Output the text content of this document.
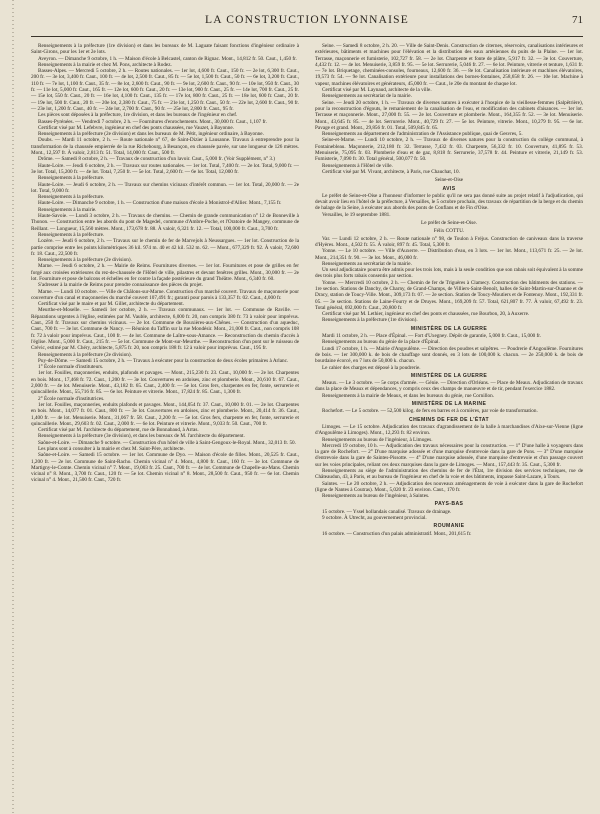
LA CONSTRUCTION LYONNAISE	71

Renseignements à la préfecture (1re division) et dans les bureaux de M. Laguate faisant fonctions d'ingénieur ordinaire à Saint-Girons, pour les 1er et 2e lots.

Aveyron. — Dimanche 9 octobre, 1 h. — Maison d'école à Belcastel, canton de Rignac. Mont., 14,812 fr. 50. Caut., 1,450 fr.

Renseignements à la mairie et chez M. Pons, architecte à Rodez.

Basses-Alpes. — Mercredi 5 octobre, 2 h. — Routes nationales. — 1er lot, 4,600 fr. Caut., 150 fr. — 2e lot, 6,300 fr. Caut., 200 fr. — 3e lot, 3,400 fr. Caut., 100 fr. — 4e lot, 2,500 fr. Caut., 85 fr. — 5e lot, 1,500 fr. Caut., 50 fr. — 6e lot, 3,200 fr. Caut., 110 fr. — 7e lot, 1,100 fr. Caut., 35 fr. — 8e lot, 2,600 fr. Caut., 90 fr. — 9e lot, 2,600 fr. Caut., 90 fr. — 10e lot, 950 fr. Caut., 30 fr. — 11e lot, 5,000 fr. Caut., 165 fr. — 12e lot, 600 fr. Caut., 20 fr. — 13e lot, 900 fr. Caut., 25 fr. — 14e lot, 700 fr. Caut., 25 fr. — 15e lot, 550 fr. Caut., 20 fr. — 16e lot, 4,100 fr. Caut., 135 fr. — 17e lot, 800 fr. Caut., 25 fr. — 18e lot, 600 fr. Caut., 20 fr. — 19e lot, 500 fr. Caut., 20 fr. — 20e lot, 2,380 fr. Caut., 75 fr. — 21e lot, 1,250 fr. Caut., 50 fr. — 22e lot, 2,600 fr. Caut., 90 fr. — 23e lot, 1,200 fr. Caut., 40 fr. — 24e lot, 2,700 fr. Caut., 90 fr. — 25e lot, 2,800 fr. Caut., 95 fr.

Les pièces sont déposées à la préfecture, 1re division, et dans les bureaux de l'ingénieur en chef.

Basses-Pyrénées. — Vendredi 7 octobre, 2 h. — Fournitures d'enrochements. Mont., 30,000 fr. Caut., 1,107 fr.

Certificat visé par M. Lefebvre, ingénieur en chef des ponts chaussées, rue Vauzet, à Bayonne.

Renseignements à la préfecture (2e division) et dans les bureaux de M. Pétit, ingénieur ordinaire, à Bayonne.

Doubs. — Mardi 11 octobre, 2 h. — Route nationale n° 67, de Saint-Dizier à Lausanne. Travaux à entreprendre pour la transformation de la chaussée empierrée de la rue Richebourg, à Besançon, en chaussée pavée, sur une longueur de 126 mètres. Mont., 12,597 fr. À valoir, 2,813 fr. 51. Total, 14,000 fr. Caut., 500 fr.

Drôme. — Samedi 8 octobre, 2 h. — Travaux de construction d'un lavoir. Caut., 5,000 fr. (Voir Supplément, n° 3.)

Haute-Loire. — Jeudi 6 octobre, 2 h. — Travaux sur routes nationales. — 1er lot. Total, 7,400 fr. — 2e lot. Total, 9,000 fr. — 3e lot. Total, 15,200 fr. — 4e lot. Total, 7,250 fr. — 5e lot. Total, 2,600 fr. — 6e lot. Total, 12,000 fr.

Renseignements à la préfecture.

Haute-Loire. — Jeudi 6 octobre, 2 h. — Travaux sur chemins vicinaux d'intérêt commun. — 1er lot. Total, 20,000 fr. — 2e lot. Total, 9,000 fr.

Renseignements à la préfecture.

Haute-Loire. — Dimanche 9 octobre, 1 h. — Construction d'une maison d'école à Monistrol-d'Allier. Mont., 7,155 fr.

Renseignements à la mairie.

Haute-Savoie. — Lundi 3 octobre, 2 h. — Travaux de chemins. — Chemin de grande communication n° 12 de Bonneville à Thonon. — Construction entre les abords du pont de Magedel, commune d'Ambre-Poche, et l'Oratoire de Mangey, commune de Reillant. — Longueur, 15,560 mètres. Mont., 173,678 fr. 88. À valoir, 6,321 fr. 12. — Total, 100,000 fr. Caut., 3,700 fr.

Renseignements à la préfecture.

Lozère. — Jeudi 6 octobre, 2 h. — Travaux sur le chemin de fer de Marvejols à Neussargues. — 1er lot. Construction de la partie comprise entre les points kilométriques 36 kil. 974 m. 40 et 42 kil. 532 m. 62. — Mont., 677,329 fr. 92. À valoir, 72,600 fr. 18. Caut., 22,500 fr.

Renseignements à la préfecture (2e division).

Marne. — Jeudi 6 octobre, 2 h. — Mairie de Reims. Fournitures diverses. — 1er lot. Fournitures et pose de grilles en fer forgé aux croisées extérieures du rez-de-chaussée de l'Hôtel de ville, pilastres et devant fenêtres grilles. Mont., 30,000 fr. — 2e lot. Fourniture et pose de balcons et échelles en fer contre la façade postérieure du grand Théâtre. Mont., 6,340 fr. 60.

S'adresser à la mairie de Reims pour prendre connaissance des pièces du projet.

Marne. — Lundi 10 octobre. — Ville de Châlons-sur-Marne. Construction d'un marché couvert. Travaux de maçonnerie pour couverture d'un canal et maçonneries du marché couvert 107,491 fr.; garanti pour parois à 133,357 fr. 02. Caut., 4,000 fr.

Certificat visé par le maire et par M. Gillet, architecte du département.

Meurthe-et-Moselle. — Samedi 1er octobre, 2 h. — Travaux communaux. — 1er lot. — Commune de Raville. — Réparations urgentes à l'église, estimées par M. Vauble, architecte, 6,000 fr. 20, non compris 380 fr. 73 à valoir pour imprévus. Caut., 250 fr. Travaux sur chemins vicinaux. — 2e lot. Commune de Bouxières-aux-Chênes. — Construction d'un aqueduc, Caut., 700 fr. — 3e lot. Commune de Nancy. — Réunion du Taffin sur la rue Mondésir. Mont., 21,000 fr. Caut., non compris 108 fr. 72 à valoir pour imprévus. Caut., 100 fr. — 4e lot. Commune de Laître-sous-Amance. — Reconstruction du chemin d'accès à l'église. Mont., 5,000 fr. Caut., 215 fr. — 5e lot. Commune de Mont-sur-Meurthe. — Reconstruction d'un pont sur le ruisseau de Crévic, estimé par M. Chéry, architecte, 5,875 fr. 20, non compris 188 fr. 12 à valoir pour imprévus. Caut., 195 fr.

Renseignements à la préfecture (2e division).

Puy-de-Dôme. — Samedi 15 octobre, 2 h. — Travaux à exécuter pour la construction de deux écoles primaires à Arlanc.

1° École normale d'instituteurs.

1er lot. Fouilles, maçonneries, enduits, plafonds et pavages. — Mont., 215,230 fr. 23. Caut., 10,000 fr. — 2e lot. Charpentes en bois. Mont., 17,468 fr. 72. Caut., 1,200 fr. — 3e lot. Couvertures en ardoises, zinc et plomberie. Mont., 20,610 fr. 67. Caut., 2,000 fr. — 4e lot. Menuiserie. Mont., 43,182 fr. 65. Caut., 2,400 fr. — 5e lot. Gros fers, charpentes en fer, fonte, serrurerie et quincaillerie. Mont., 55,716 fr. 85. — 6e lot. Peinture et vitrerie. Mont., 17,824 fr. 85. Caut., 1,300 fr.

2° École normale d'institutrices.

1er lot. Fouilles, maçonneries, enduits plafonds et pavages. Mont., 144,054 fr. 37. Caut., 10,000 fr. 01. — 2e lot. Charpentes en bois. Mont., 14,077 fr. 01. Caut., 800 fr. — 3e lot. Couvertures en ardoises, zinc et plomberie. Mont., 20,414 fr. 36. Caut., 1,400 fr. — 4e lot. Menuiserie. Mont., 31,067 fr. 58. Caut., 2,200 fr. — 5e lot. Gros fers, charpente en fer, fonte, serrurerie et quincaillerie. Mont., 29,603 fr. 02. Caut., 2,000 fr. — 6e lot. Peinture et vitrerie. Mont., 9,033 fr. 50. Caut., 700 fr.

Certificat visé par M. l'architecte du département, rue de Bonnabaud, à Arras.

Renseignements à la préfecture (3e division), et dans les bureaux de M. l'architecte du département.

Saône-et-Loire. — Dimanche 9 octobre. — Construction d'un hôtel de ville à Saint-Gengoux-le-Royal. Mont., 32,013 fr. 50.

Les plans sont à consulter à la mairie et chez M. Saint-Père, architecte.

Saône-et-Loire. — Samedi 15 octobre. — 1er lot. Commune de Dyo. — Maison d'école de filles. Mont., 20,525 fr. Caut., 1,200 fr. — 2e lot. Commune de Saint-Racho. Chemin vicinal n° 4. Mont., 4,800 fr. Caut., 160 fr. — 3e lot. Commune de Martigny-le-Comte. Chemin vicinal n° 7. Mont., 19,003 fr. 25. Caut., 700 fr. — 4e lot. Commune de Chapelle-au-Mans. Chemin vicinal n° 8. Mont., 3,700 fr. Caut., 120 fr. — 5e lot. Chemin vicinal n° 8. Mont., 28,500 fr. Caut., 950 fr. — 6e lot. Chemin vicinal n° 4. Mont., 21,500 fr. Caut., 720 fr.

Seine. — Samedi 8 octobre, 2 h. 20. — Ville de Saint-Denis. Construction de citernes, réservoirs, canalisations intérieures et extérieures, bâtiments et machines pour l'élévation et la distribution des eaux artésiennes du puits de la Plaine. — 1er lot. Terrasse, maçonnerie et fumisterie, 102,727 fr. 58. — 2e lot. Charpente et fonte de plâtre, 5,917 fr. 32. — 3e lot. Couverture, 4,432 fr. 12. — 4e lot. Menuiserie, 3,859 fr. 95. — 5e lot. Serrurerie, 5,046 fr. 27. — 6e lot. Peinture, vitrerie et tenture, 1,631 fr. — 7e lot. Briquetage, cheminées-consoles, fourneaux, 12,600 fr. 36. — 8e lot. Canalisation intérieure et machines élévatoires, 19,573 fr. 54. — 9e lot. Canalisation extérieure pour installations des bornes-fontaines, 258,658 fr. 26. — 10e lot. Machine à vapeur, machines élévatoires et générateurs, 45,000 fr. — Caut., le 20e du montant de chaque lot.

Certificat visé par M. Laynaud, architecte de la ville.

Renseignements au secrétariat de la mairie.

Seine. — Jeudi 20 octobre, 1 h. — Travaux de diverses natures à exécuter à l'hospice de la vieillesse-femmes (Salpêtrière), pour la reconstruction d'égouts, le remaniement de la canalisation de l'eau, et modification des cabinets d'aisances. — 1er lot. Terrasse et maçonnerie. Mont., 27,000 fr. 55. — 2e lot. Couverture et plomberie. Mont., 164,355 fr. 52. — 3e lot. Menuiserie. Mont., 43,645 fr. 85. — 4e lot. Serrurerie. Mont., 40,729 fr. 27. — 5e lot. Peinture, vitrerie. Mont., 10,279 fr. 95. — 6e lot. Pavage et grand. Mont., 29,856 fr. 01. Total, 509,845 fr. 65.

Renseignements au département de l'administration de l'Assistance publique, quai de Gesvres, 5.

Seine-et-Marne. — Lundi 10 octobre, 2 h. — Travaux de diverses natures pour la construction du collège communal, à Fontainebleau. Maçonnerie, 212,180 fr. 32. Terrasse, 7,432 fr. 03. Charpente, 56,332 fr. 10. Couverture, 41,895 fr. 53. Menuiserie, 75,095 fr. 03. Plomberie d'eau et de gaz, 8,818 fr. Serrurerie, 37,578 fr. 44. Peinture et vitrerie, 21,149 fr. 53. Fumisterie, 7,090 fr. 30. Total général, 500,077 fr. 50.

Renseignements à l'Hôtel de ville.

Certificat visé par M. Vivant, architecte, à Paris, rue Chauchat, 10.

Seine-et-Oise

AVIS

Le préfet de Seine-et-Oise a l'honneur d'informer le public qu'il ne sera pas donné suite au projet relatif à l'adjudication, qui devait avoir lieu en l'hôtel de la préfecture, à Versailles, le 5 octobre prochain, des travaux de répartition de la berge et du chemin de halage de la Seine, à exécuter aux abords des ponts de Conflans et de Fin d'Oise.

Versailles, le 19 septembre 1881.

Le préfet de Seine-et-Oise.

Félix COTTU.

Var. — Lundi 12 octobre, 2 h. — Route nationale n° 98, de Toulon à Fréjus. Construction de caniveaux dans la traverse d'Hyères. Mont., 4,502 fr. 55. À valoir, 897 fr. 45. Total, 5,300 fr.

Yonne. — Le 10 octobre. — Ville d'Auxerre. — Distribution d'eau, en 3 lots. — 1er lot. Mont., 113,671 fr. 25. — 2e lot. Mont., 214,351 fr. 90. — 3e lot. Mont., 46,000 fr.

Renseignements au secrétariat de la mairie.

Un seul adjudicataire pourra être admis pour les trois lots, mais à la seule condition que son rabais soit équivalent à la somme des trois plus forts rabais consentis par section.

Yonne. — Mercredi 10 octobre, 2 h. — Chemin de fer de Triguères à Clamecy. Construction des bâtiments des stations. — 1re section. Stations de Dancby, de Charny, de Grand-Champs, de Villiers-Saint-Benoît, halles de Saint-Martin-sur-Ouanne et de Dracy, station de Toucy-Ville. Mont., 309,173 fr. 07. — 2e section. Station de Toucy-Moutiers et de Fontenoy. Mont., 192,331 fr. 05. — 3e section. Stations de Laine-Fourry et de Druyes. Mont., 169,209 fr. 57. Total, 621,807 fr. 77. À valoir, 67,492 fr. 23. Total général, 692,000 fr. Caut., 20,800 fr.

Certificat visé par M. Lethier, ingénieur en chef des ponts et chaussées, rue Bourbon, 20, à Auxerre.

Renseignements à la préfecture (1re division).

MINISTÈRE DE LA GUERRE

Mardi 11 octobre, 2 h. — Place d'Épinal. — Fort d'Uxegney. Dépôt de garantie, 5,000 fr. Caut., 15,000 fr.

Renseignements au bureau du génie de la place d'Épinal.

Lundi 17 octobre, 1 h. — Mairie d'Angoulême. — Direction des poudres et salpêtres. — Poudrerie d'Angoulême. Fournitures de bois. — 1er 300,000 k. de bois de chauffage sont donnés, en 3 lots de 100,000 k. chacun. — 2e 250,000 k. de bois de bourdaine écorcé, en 7 lots de 50,000 k. chacun.

Le cahier des charges est déposé à la poudrerie.

MINISTÈRE DE LA GUERRE

Meaux. — Le 3 octobre. — 5e corps d'armée. — Génie. — Direction d'Orléans. — Place de Meaux. Adjudication de travaux dans la place de Meaux et dépendances, y compris ceux des champs de manœuvre et de tir, pendant l'exercice 1882.

Renseignements à la mairie de Meaux, et dans les bureaux du génie, rue Cornillon.

MINISTÈRE DE LA MARINE

Rochefort. — Le 5 octobre. — 52,500 kilog. de fers en barres et à cornières, par voie de transformation.

CHEMINS DE FER DE L'ÉTAT

Limoges. — Le 15 octobre. Adjudication des travaux d'agrandissement de la halle à marchandises d'Aixe-sur-Vienne (ligne d'Angoulême à Limoges). Mont., 12,293 fr. 82 environ.

Renseignements au bureau de l'ingénieur, à Limoges.

Mercredi 19 octobre, 10 h. — Adjudication des travaux nécessaires pour la construction. — 1° D'une halle à voyageurs dans la gare de Rochefort. — 2° D'une marquise adossée et d'une marquise d'entrevoie dans la gare de Pons. — 3° D'une marquise d'entrevoie dans la gare de Saintes-Pissotte. — 4° D'une marquise adossée, d'une marquise d'entrevoie et d'un passage couvert sur les voies principales, reliant ces deux marquises dans la gare de Limoges. — Mont., 157,443 fr. 35. Caut., 5,300 fr.

Renseignements au siège de l'administration des chemins de fer de l'État, 1re division des services techniques, rue de Châteaudun, 43, à Paris, et au bureau de l'ingénieur en chef de la voie et des bâtiments, impasse Saint-Lazare, à Tours.

Saintes. — Le 20 octobre, 2 h. — Adjudication des nouveaux aménagements de voie à exécuter dans la gare de Rochefort (ligne de Nantes à Coutras). Mont., 5,020 fr. 23 environ. Caut., 170 fr.

Renseignements au bureau de l'ingénieur, à Saintes.

PAYS-BAS

15 octobre. — Yssel hollandais canalisé. Travaux de drainage.

9 octobre. À Utrecht, au gouvernement provincial.

ROUMANIE

16 octobre. — Construction d'un palais administratif. Mont., 201,615 fr.
